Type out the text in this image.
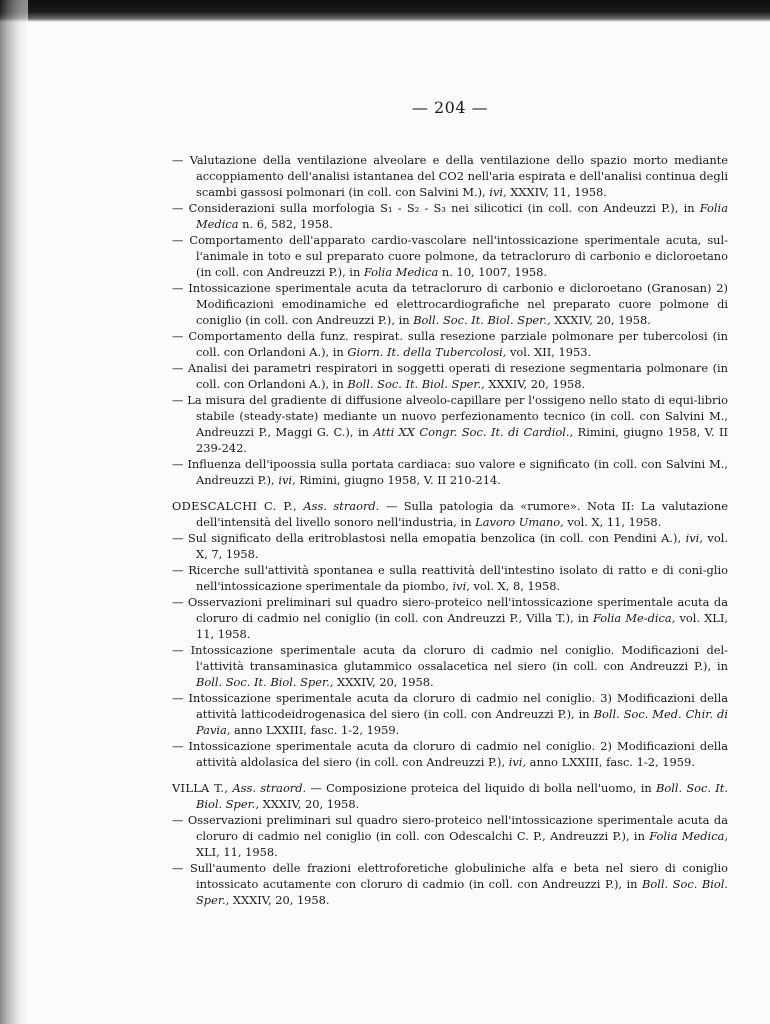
— 204 —

— Valutazione della ventilazione alveolare e della ventilazione dello spazio morto mediante accoppiamento dell'analisi istantanea del CO2 nell'aria espirata e dell'analisi continua degli scambi gassosi polmonari (in coll. con Salvini M.), ivi, XXXIV, 11, 1958.

— Considerazioni sulla morfologia S₁ - S₂ - S₃ nei silicotici (in coll. con Andeuzzi P.), in Folia Medica n. 6, 582, 1958.

— Comportamento dell'apparato cardio-vascolare nell'intossicazione sperimentale acuta, sul-l'animale in toto e sul preparato cuore polmone, da tetracloruro di carbonio e dicloroetano (in coll. con Andreuzzi P.), in Folia Medica n. 10, 1007, 1958.

— Intossicazione sperimentale acuta da tetracloruro di carbonio e dicloroetano (Granosan) 2) Modificazioni emodinamiche ed elettrocardiografiche nel preparato cuore polmone di coniglio (in coll. con Andreuzzi P.), in Boll. Soc. It. Biol. Sper., XXXIV, 20, 1958.

— Comportamento della funz. respirat. sulla resezione parziale polmonare per tubercolosi (in coll. con Orlandoni A.), in Giorn. It. della Tubercolosi, vol. XII, 1953.

— Analisi dei parametri respiratori in soggetti operati di resezione segmentaria polmonare (in coll. con Orlandoni A.), in Boll. Soc. It. Biol. Sper., XXXIV, 20, 1958.

— La misura del gradiente di diffusione alveolo-capillare per l'ossigeno nello stato di equi-librio stabile (steady-state) mediante un nuovo perfezionamento tecnico (in coll. con Salvini M., Andreuzzi P., Maggi G. C.), in Atti XX Congr. Soc. It. di Cardiol., Rimini, giugno 1958, V. II 239-242.

— Influenza dell'ipoossia sulla portata cardiaca: suo valore e significato (in coll. con Salvini M., Andreuzzi P.), ivi, Rimini, giugno 1958, V. II 210-214.

ODESCALCHI C. P., Ass. straord. — Sulla patologia da «rumore». Nota II: La valutazione dell'intensità del livello sonoro nell'industria, in Lavoro Umano, vol. X, 11, 1958.

— Sul significato della eritroblastosi nella emopatia benzolica (in coll. con Pendini A.), ivi, vol. X, 7, 1958.

— Ricerche sull'attività spontanea e sulla reattività dell'intestino isolato di ratto e di coni-glio nell'intossicazione sperimentale da piombo, ivi, vol. X, 8, 1958.

— Osservazioni preliminari sul quadro siero-proteico nell'intossicazione sperimentale acuta da cloruro di cadmio nel coniglio (in coll. con Andreuzzi P., Villa T.), in Folia Me-dica, vol. XLI, 11, 1958.

— Intossicazione sperimentale acuta da cloruro di cadmio nel coniglio. Modificazioni del-l'attività transaminasica glutammico ossalacetica nel siero (in coll. con Andreuzzi P.), in Boll. Soc. It. Biol. Sper., XXXIV, 20, 1958.

— Intossicazione sperimentale acuta da cloruro di cadmio nel coniglio. 3) Modificazioni della attività latticodeidrogenasica del siero (in coll. con Andreuzzi P.), in Boll. Soc. Med. Chir. di Pavia, anno LXXIII, fasc. 1-2, 1959.

— Intossicazione sperimentale acuta da cloruro di cadmio nel coniglio. 2) Modificazioni della attività aldolasica del siero (in coll. con Andreuzzi P.), ivi, anno LXXIII, fasc. 1-2, 1959.

VILLA T., Ass. straord. — Composizione proteica del liquido di bolla nell'uomo, in Boll. Soc. It. Biol. Sper., XXXIV, 20, 1958.

— Osservazioni preliminari sul quadro siero-proteico nell'intossicazione sperimentale acuta da cloruro di cadmio nel coniglio (in coll. con Odescalchi C. P., Andreuzzi P.), in Folia Medica, XLI, 11, 1958.

— Sull'aumento delle frazioni elettroforetiche globuliniche alfa e beta nel siero di coniglio intossicato acutamente con cloruro di cadmio (in coll. con Andreuzzi P.), in Boll. Soc. Biol. Sper., XXXIV, 20, 1958.
